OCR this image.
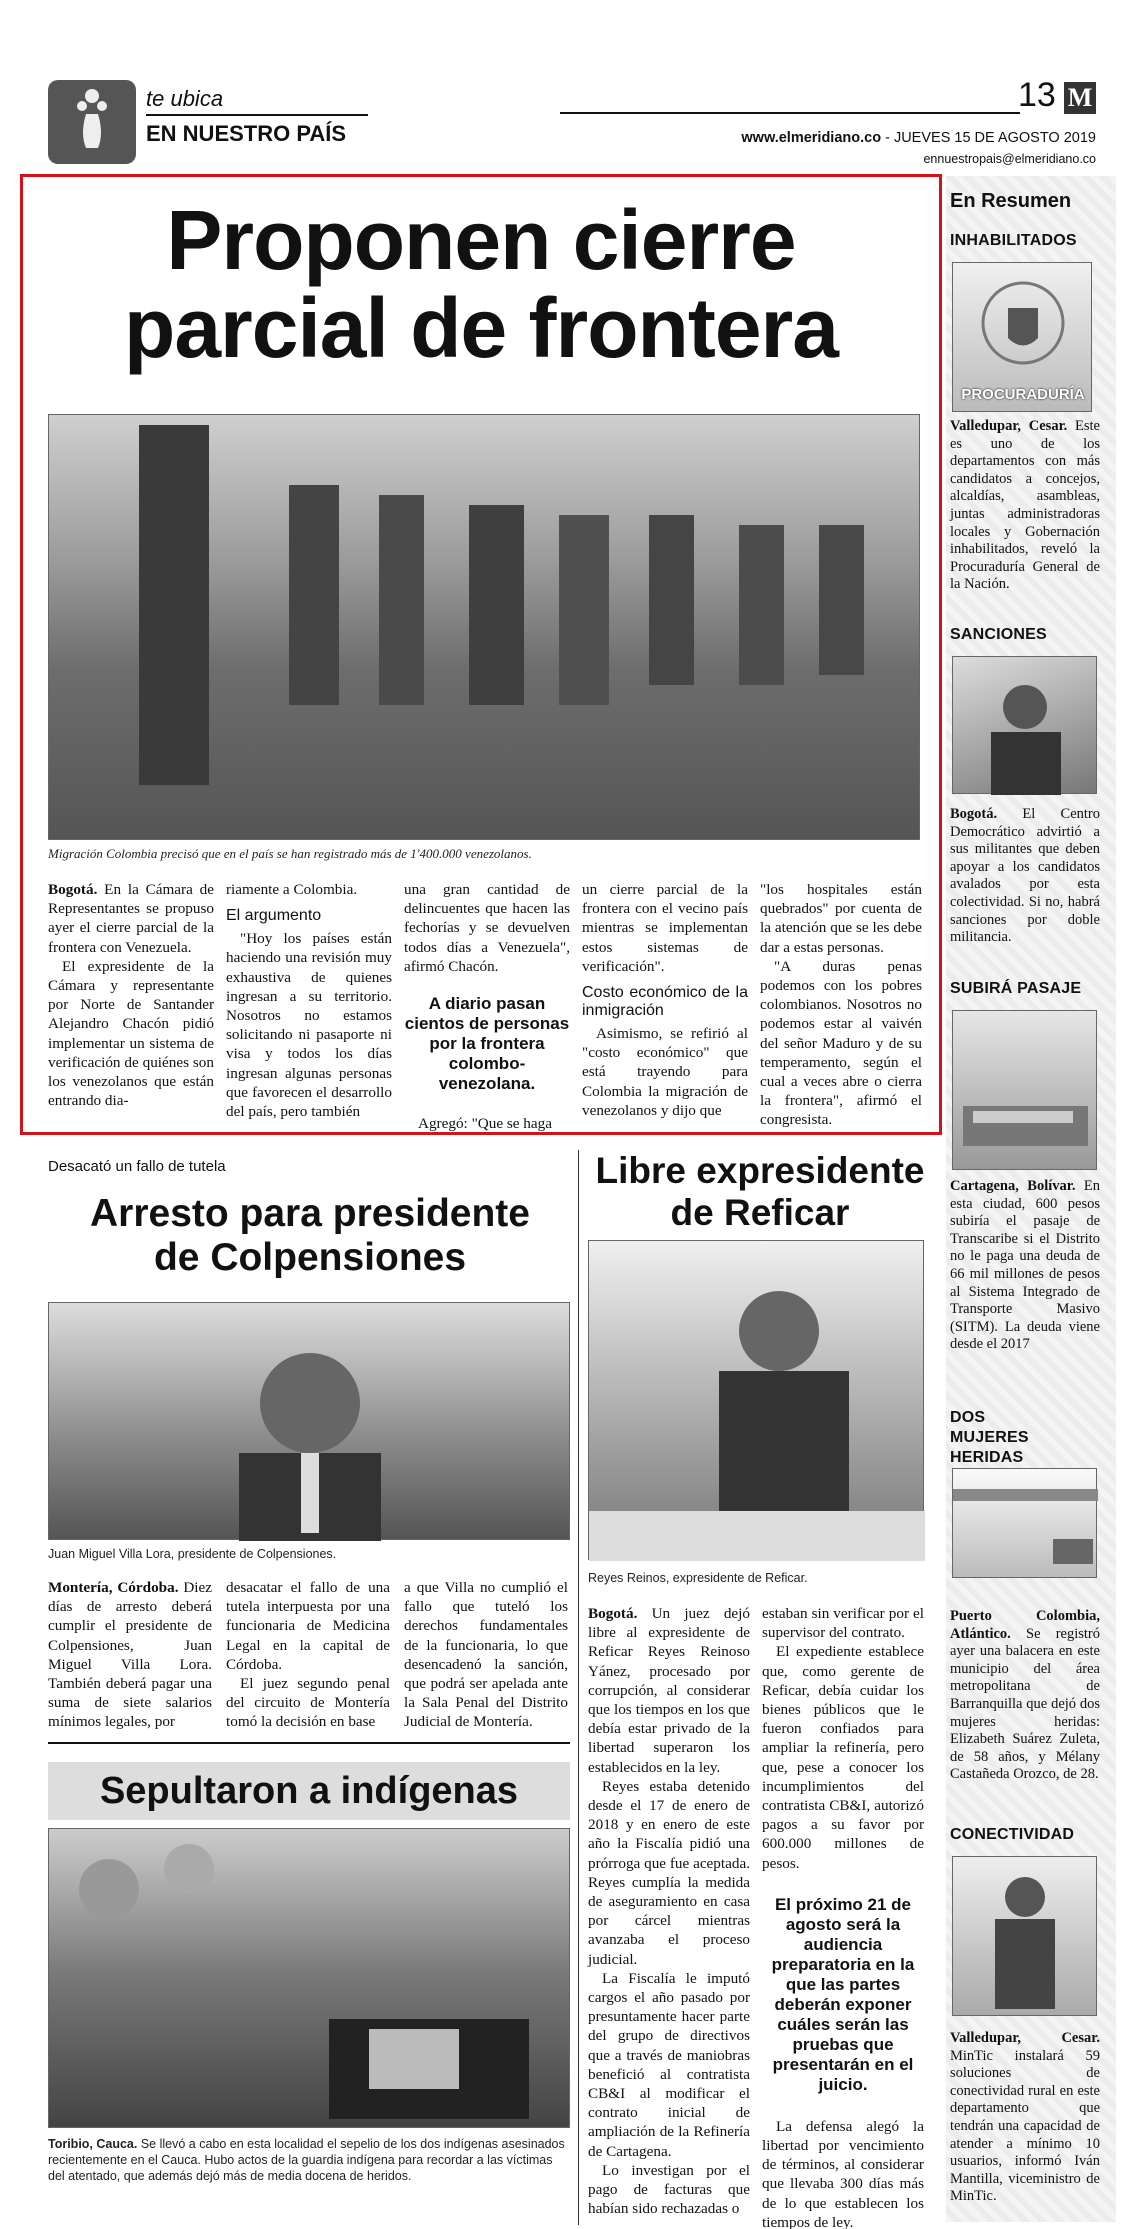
te ubica
EN NUESTRO PAÍS
13 M
www.elmeridiano.co - JUEVES 15 DE AGOSTO 2019
ennuestropais@elmeridiano.co
Proponen cierre
parcial de frontera
Migración Colombia precisó que en el país se han registrado más de 1'400.000 venezolanos.
Bogotá. En la Cámara de Representantes se propuso ayer el cierre parcial de la frontera con Venezuela.
El expresidente de la Cámara y representante por Norte de Santander Alejandro Chacón pidió implementar un sistema de verificación de quiénes son los venezolanos que están entrando dia-
riamente a Colombia.
El argumento
"Hoy los países están haciendo una revisión muy exhaustiva de quienes ingresan a su territorio. Nosotros no estamos solicitando ni pasaporte ni visa y todos los días ingresan algunas personas que favorecen el desarrollo del país, pero también
una gran cantidad de delincuentes que hacen las fechorías y se devuelven todos días a Venezuela", afirmó Chacón.
A diario pasan cientos de personas por la frontera colombo-venezolana.
Agregó: "Que se haga
un cierre parcial de la frontera con el vecino país mientras se implementan estos sistemas de verificación".
Costo económico de la inmigración
Asimismo, se refirió al "costo económico" que está trayendo para Colombia la migración de venezolanos y dijo que
"los hospitales están quebrados" por cuenta de la atención que se les debe dar a estas personas.
"A duras penas podemos con los pobres colombianos. Nosotros no podemos estar al vaivén del señor Maduro y de su temperamento, según el cual a veces abre o cierra la frontera", afirmó el congresista.
En Resumen
INHABILITADOS
PROCURADURÍA
Valledupar, Cesar. Este es uno de los departamentos con más candidatos a concejos, alcaldías, asambleas, juntas administradoras locales y Gobernación inhabilitados, reveló la Procuraduría General de la Nación.
SANCIONES
Bogotá. El Centro Democrático advirtió a sus militantes que deben apoyar a los candidatos avalados por esta colectividad. Si no, habrá sanciones por doble militancia.
SUBIRÁ PASAJE
Cartagena, Bolívar. En esta ciudad, 600 pesos subiría el pasaje de Transcaribe si el Distrito no le paga una deuda de 66 mil millones de pesos al Sistema Integrado de Transporte Masivo (SITM). La deuda viene desde el 2017
DOS MUJERES HERIDAS
Puerto Colombia, Atlántico. Se registró ayer una balacera en este municipio del área metropolitana de Barranquilla que dejó dos mujeres heridas: Elizabeth Suárez Zuleta, de 58 años, y Mélany Castañeda Orozco, de 28.
CONECTIVIDAD
Valledupar, Cesar. MinTic instalará 59 soluciones de conectividad rural en este departamento que tendrán una capacidad de atender a mínimo 10 usuarios, informó Iván Mantilla, viceministro de MinTic.
Desacató un fallo de tutela
Arresto para presidente
de Colpensiones
Juan Miguel Villa Lora, presidente de Colpensiones.
Montería, Córdoba. Diez días de arresto deberá cumplir el presidente de Colpensiones, Juan Miguel Villa Lora. También deberá pagar una suma de siete salarios mínimos legales, por
desacatar el fallo de una tutela interpuesta por una funcionaria de Medicina Legal en la capital de Córdoba.
El juez segundo penal del circuito de Montería tomó la decisión en base
a que Villa no cumplió el fallo que tuteló los derechos fundamentales de la funcionaria, lo que desencadenó la sanción, que podrá ser apelada ante la Sala Penal del Distrito Judicial de Montería.
Sepultaron a indígenas
Toribio, Cauca. Se llevó a cabo en esta localidad el sepelio de los dos indígenas asesinados recientemente en el Cauca. Hubo actos de la guardia indígena para recordar a las víctimas del atentado, que además dejó más de media docena de heridos.
Libre expresidente
de Reficar
Reyes Reinos, expresidente de Reficar.
Bogotá. Un juez dejó libre al expresidente de Reficar Reyes Reinoso Yánez, procesado por corrupción, al considerar que los tiempos en los que debía estar privado de la libertad superaron los establecidos en la ley.
Reyes estaba detenido desde el 17 de enero de 2018 y en enero de este año la Fiscalía pidió una prórroga que fue aceptada. Reyes cumplía la medida de aseguramiento en casa por cárcel mientras avanzaba el proceso judicial.
La Fiscalía le imputó cargos el año pasado por presuntamente hacer parte del grupo de directivos que a través de maniobras benefició al contratista CB&I al modificar el contrato inicial de ampliación de la Refinería de Cartagena.
Lo investigan por el pago de facturas que habían sido rechazadas o
estaban sin verificar por el supervisor del contrato.
El expediente establece que, como gerente de Reficar, debía cuidar los bienes públicos que le fueron confiados para ampliar la refinería, pero que, pese a conocer los incumplimientos del contratista CB&I, autorizó pagos a su favor por 600.000 millones de pesos.
El próximo 21 de agosto será la audiencia preparatoria en la que las partes deberán exponer cuáles serán las pruebas que presentarán en el juicio.
La defensa alegó la libertad por vencimiento de términos, al considerar que llevaba 300 días más de lo que establecen los tiempos de ley.
